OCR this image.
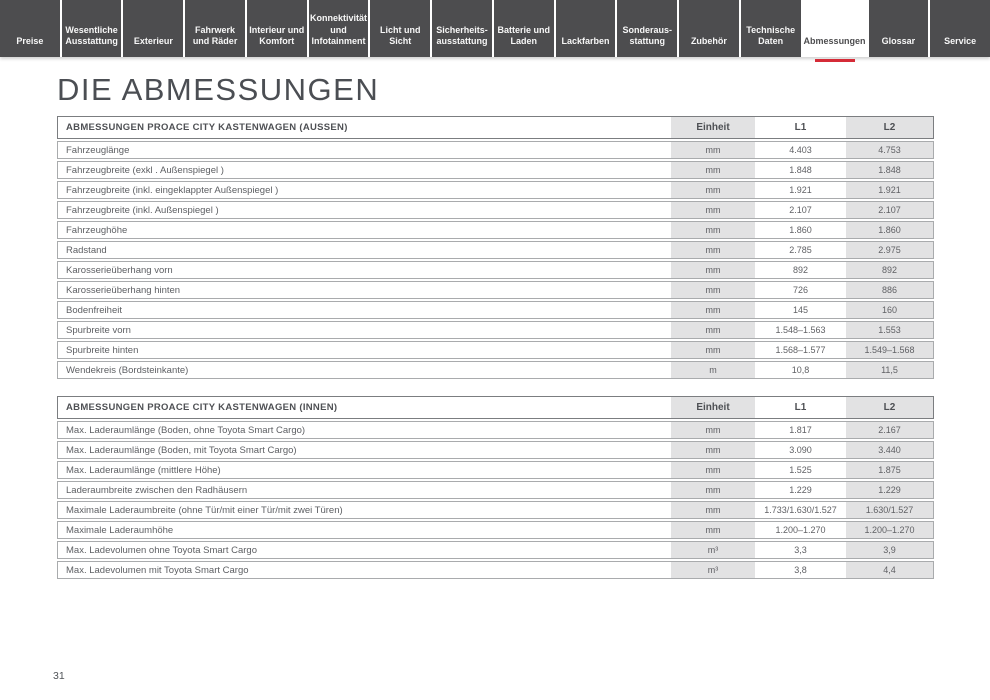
Preise
Wesentliche Ausstattung Exterieur
Fahrwerk und Räder
Interieur und Komfort
Konnektivität und Infotainment
Licht und Sicht
Sicherheitsausstattung
Batterie und Laden	Lackfarben
Sonderausstattung	Zubehör
Technische Daten	Abmessungen Glossar	Service
DIE ABMESSUNGEN
ABMESSUNGEN PROACE CITY KASTENWAGEN (AUSSEN)	Einheit	L1	L2
Fahrzeuglänge	mm	4.403	4.753
Fahrzeugbreite (exkl . Außenspiegel )	mm	1.848	1.848
Fahrzeugbreite (inkl. eingeklappter Außenspiegel )	mm	1.921	1.921
Fahrzeugbreite (inkl. Außenspiegel )	mm	2.107	2.107
Fahrzeughöhe	mm	1.860	1.860
Radstand	mm	2.785	2.975
Karosserieüberhang vorn	mm	892	892
Karosserieüberhang hinten	mm	726	886
Bodenfreiheit	mm	145	160
Spurbreite vorn	mm	1.548–1.563	1.553
Spurbreite hinten	mm	1.568–1.577	1.549–1.568
Wendekreis (Bordsteinkante)	m	10,8	11,5
ABMESSUNGEN PROACE CITY KASTENWAGEN (INNEN)	Einheit	L1	L2
Max. Laderaumlänge (Boden, ohne Toyota Smart Cargo)	mm	1.817	2.167
Max. Laderaumlänge (Boden, mit Toyota Smart Cargo)	mm	3.090	3.440
Max. Laderaumlänge (mittlere Höhe)	mm	1.525	1.875
Laderaumbreite zwischen den Radhäusern	mm	1.229	1.229
Maximale Laderaumbreite (ohne Tür/mit einer Tür/mit zwei Türen)	mm	1.733/1.630/1.527	1.630/1.527
Maximale Laderaumhöhe	mm	1.200–1.270	1.200–1.270
Max. Ladevolumen ohne Toyota Smart Cargo	m³	3,3	3,9
Max. Ladevolumen mit Toyota Smart Cargo	m³	3,8	4,4
31
